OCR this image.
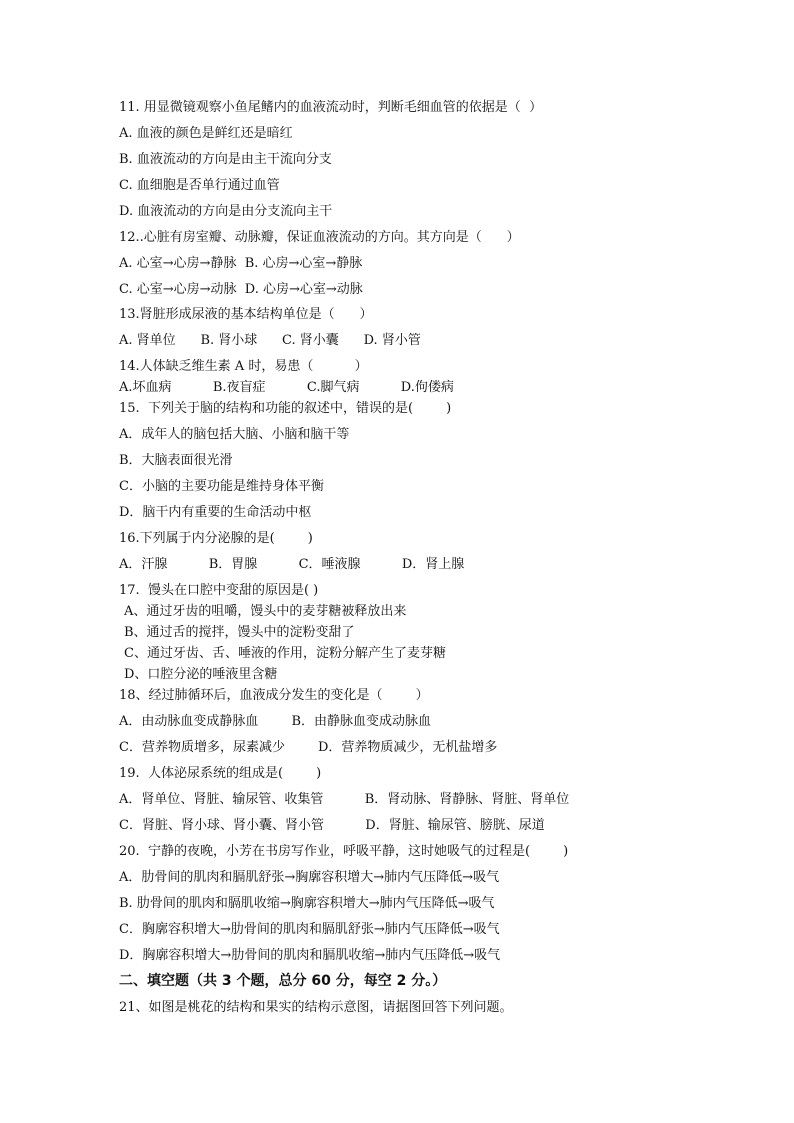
11. 用显微镜观察小鱼尾鳍内的血液流动时，判断毛细血管的依据是（  ）
A. 血液的颜色是鲜红还是暗红
B. 血液流动的方向是由主干流向分支
C. 血细胞是否单行通过血管
D. 血液流动的方向是由分支流向主干
12..心脏有房室瓣、动脉瓣，保证血液流动的方向。其方向是（      ）
A. 心室→心房→静脉  B. 心房→心室→静脉
C. 心室→心房→动脉  D. 心房→心室→动脉
13.肾脏形成尿液的基本结构单位是（      ）
A. 肾单位      B. 肾小球      C. 肾小囊      D. 肾小管
14.人体缺乏维生素 A 时，易患（          ）
A.坏血病          B.夜盲症          C.脚气病          D.佝偻病
15.  下列关于脑的结构和功能的叙述中，错误的是(        )
A．成年人的脑包括大脑、小脑和脑干等
B．大脑表面很光滑
C．小脑的主要功能是维持身体平衡
D．脑干内有重要的生命活动中枢
16.下列属于内分泌腺的是(        )
A．汗腺          B．胃腺          C．唾液腺          D．肾上腺
17.  馒头在口腔中变甜的原因是( )
A、通过牙齿的咀嚼，馒头中的麦芽糖被释放出来
B、通过舌的搅拌，馒头中的淀粉变甜了
C、通过牙齿、舌、唾液的作用，淀粉分解产生了麦芽糖
D、口腔分泌的唾液里含糖
18、经过肺循环后，血液成分发生的变化是（        ）
A．由动脉血变成静脉血        B．由静脉血变成动脉血
C．营养物质增多，尿素减少        D．营养物质减少，无机盐增多
19.  人体泌尿系统的组成是(        )
A．肾单位、肾脏、输尿管、收集管          B．肾动脉、肾静脉、肾脏、肾单位
C．肾脏、肾小球、肾小囊、肾小管          D．肾脏、输尿管、膀胱、尿道
20.  宁静的夜晚，小芳在书房写作业，呼吸平静，这时她吸气的过程是(        )
A．肋骨间的肌肉和膈肌舒张→胸廓容积增大→肺内气压降低→吸气
B. 肋骨间的肌肉和膈肌收缩→胸廓容积增大→肺内气压降低→吸气
C．胸廓容积增大→肋骨间的肌肉和膈肌舒张→肺内气压降低→吸气
D．胸廓容积增大→肋骨间的肌肉和膈肌收缩→肺内气压降低→吸气
二、填空题（共 3 个题，总分 60 分，每空 2 分。）
21、如图是桃花的结构和果实的结构示意图，请据图回答下列问题。
